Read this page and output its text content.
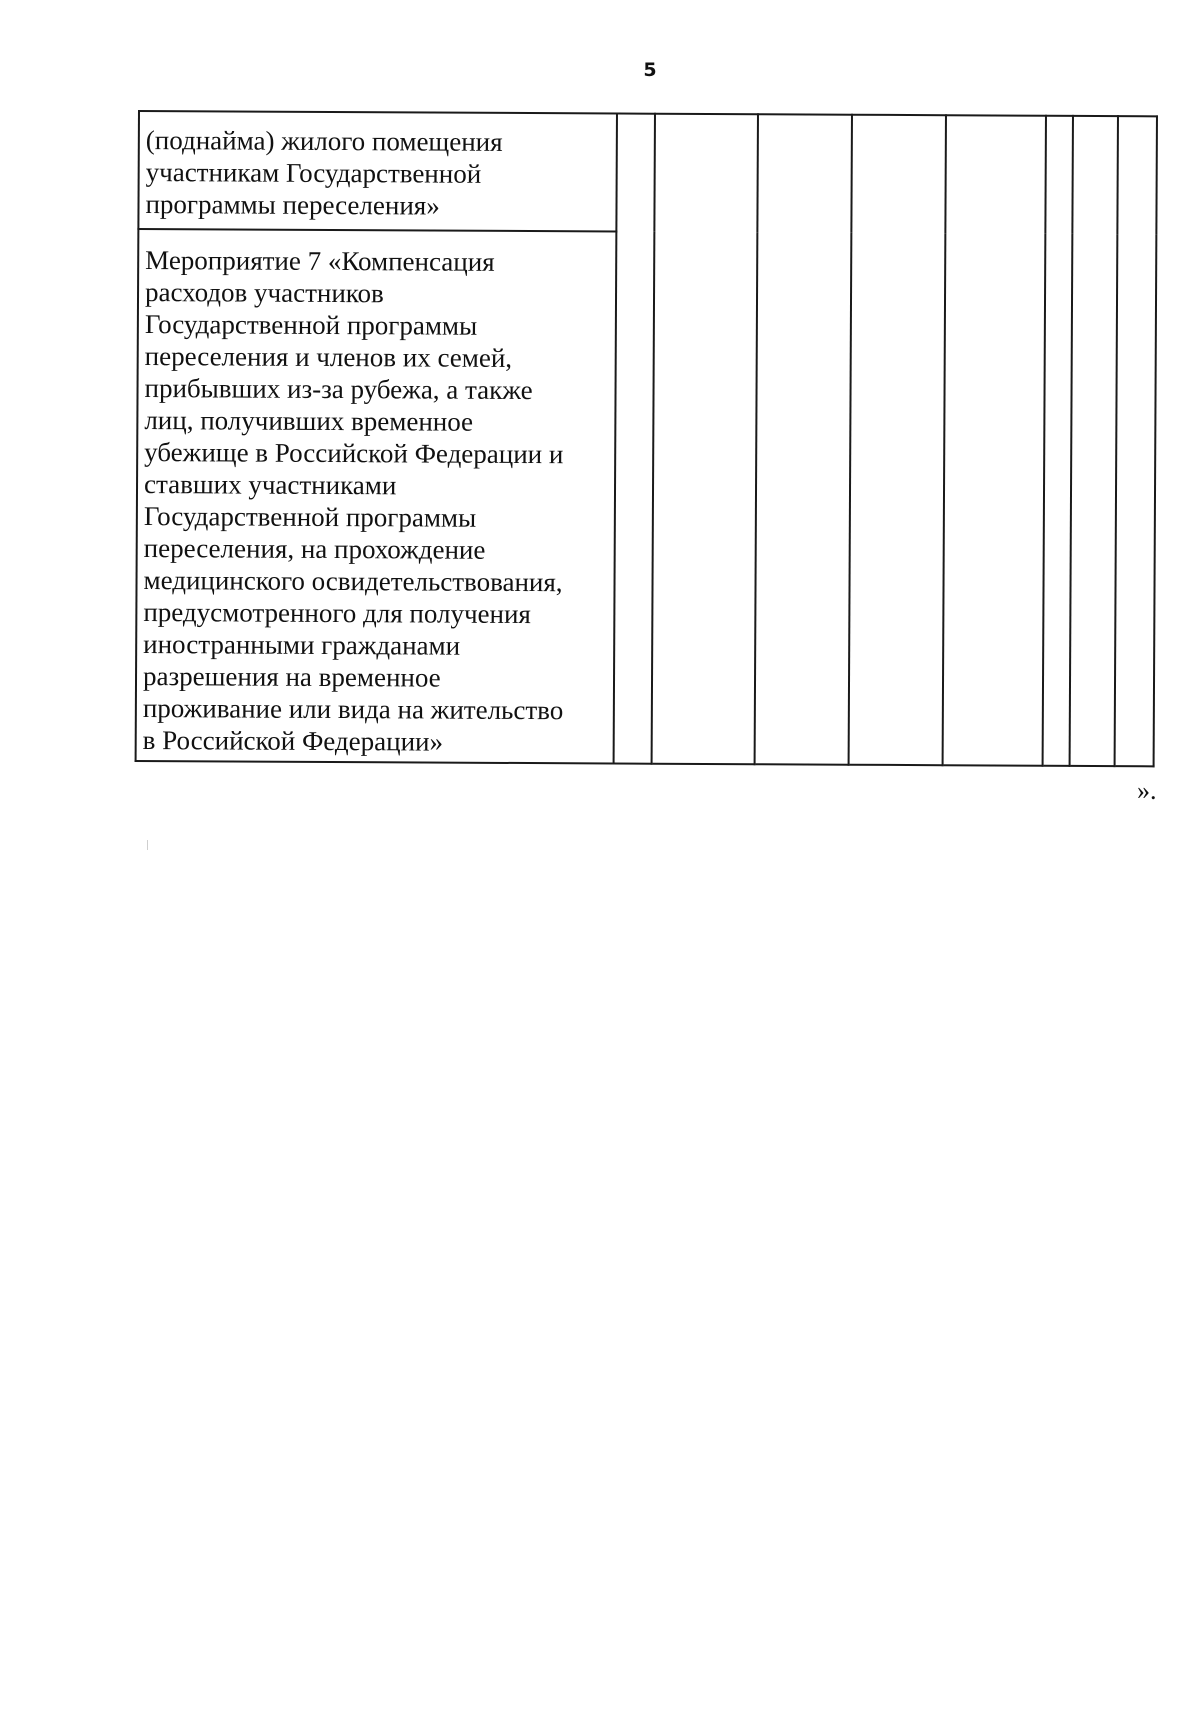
5
(поднайма) жилого помещения
участникам Государственной
программы переселения»

Мероприятие 7 «Компенсация
расходов участников
Государственной программы
переселения и членов их семей,
прибывших из-за рубежа, а также
лиц, получивших временное
убежище в Российской Федерации и
ставших участниками
Государственной программы
переселения, на прохождение
медицинского освидетельствования,
предусмотренного для получения
иностранными гражданами
разрешения на временное
проживание или вида на жительство
в Российской Федерации»
».
